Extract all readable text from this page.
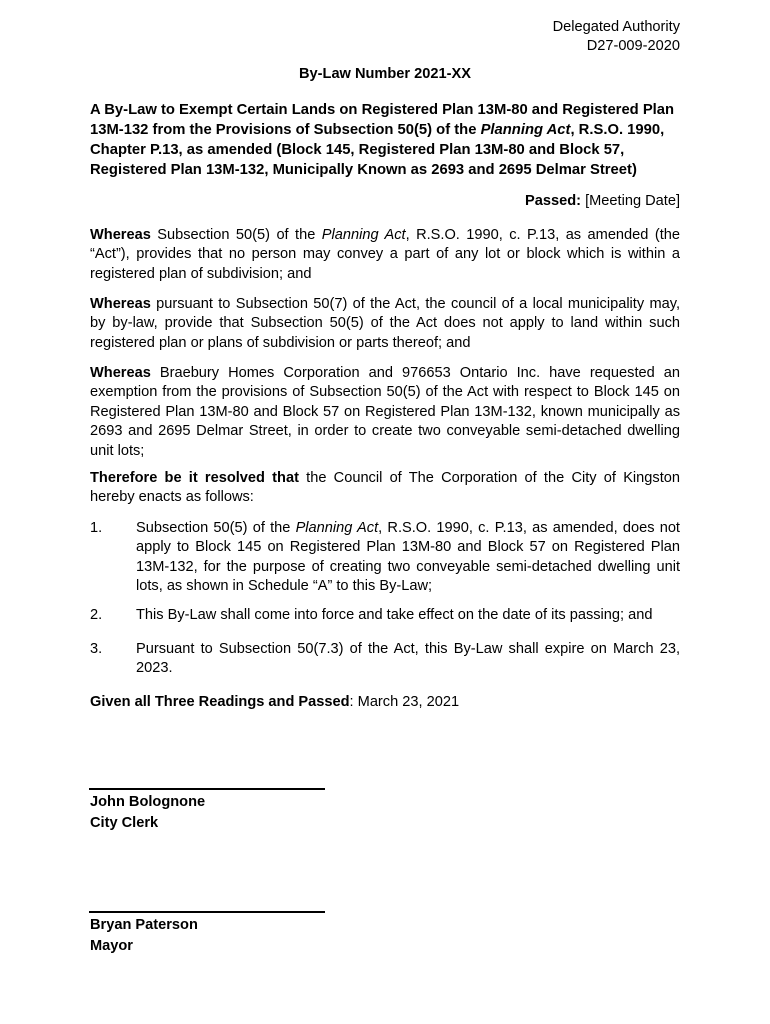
Delegated Authority
D27-009-2020
By-Law Number 2021-XX

A By-Law to Exempt Certain Lands on Registered Plan 13M-80 and Registered Plan 13M-132 from the Provisions of Subsection 50(5) of the Planning Act, R.S.O. 1990, Chapter P.13, as amended (Block 145, Registered Plan 13M-80 and Block 57, Registered Plan 13M-132, Municipally Known as 2693 and 2695 Delmar Street)

Passed: [Meeting Date]

Whereas Subsection 50(5) of the Planning Act, R.S.O. 1990, c. P.13, as amended (the “Act”), provides that no person may convey a part of any lot or block which is within a registered plan of subdivision; and

Whereas pursuant to Subsection 50(7) of the Act, the council of a local municipality may, by by-law, provide that Subsection 50(5) of the Act does not apply to land within such registered plan or plans of subdivision or parts thereof; and

Whereas Braebury Homes Corporation and 976653 Ontario Inc. have requested an exemption from the provisions of Subsection 50(5) of the Act with respect to Block 145 on Registered Plan 13M-80 and Block 57 on Registered Plan 13M-132, known municipally as 2693 and 2695 Delmar Street, in order to create two conveyable semi-detached dwelling unit lots;

Therefore be it resolved that the Council of The Corporation of the City of Kingston hereby enacts as follows:

1. Subsection 50(5) of the Planning Act, R.S.O. 1990, c. P.13, as amended, does not apply to Block 145 on Registered Plan 13M-80 and Block 57 on Registered Plan 13M-132, for the purpose of creating two conveyable semi-detached dwelling unit lots, as shown in Schedule “A” to this By-Law;

2. This By-Law shall come into force and take effect on the date of its passing; and

3. Pursuant to Subsection 50(7.3) of the Act, this By-Law shall expire on March 23, 2023.

Given all Three Readings and Passed: March 23, 2021
John Bolognone
City Clerk
Bryan Paterson
Mayor
